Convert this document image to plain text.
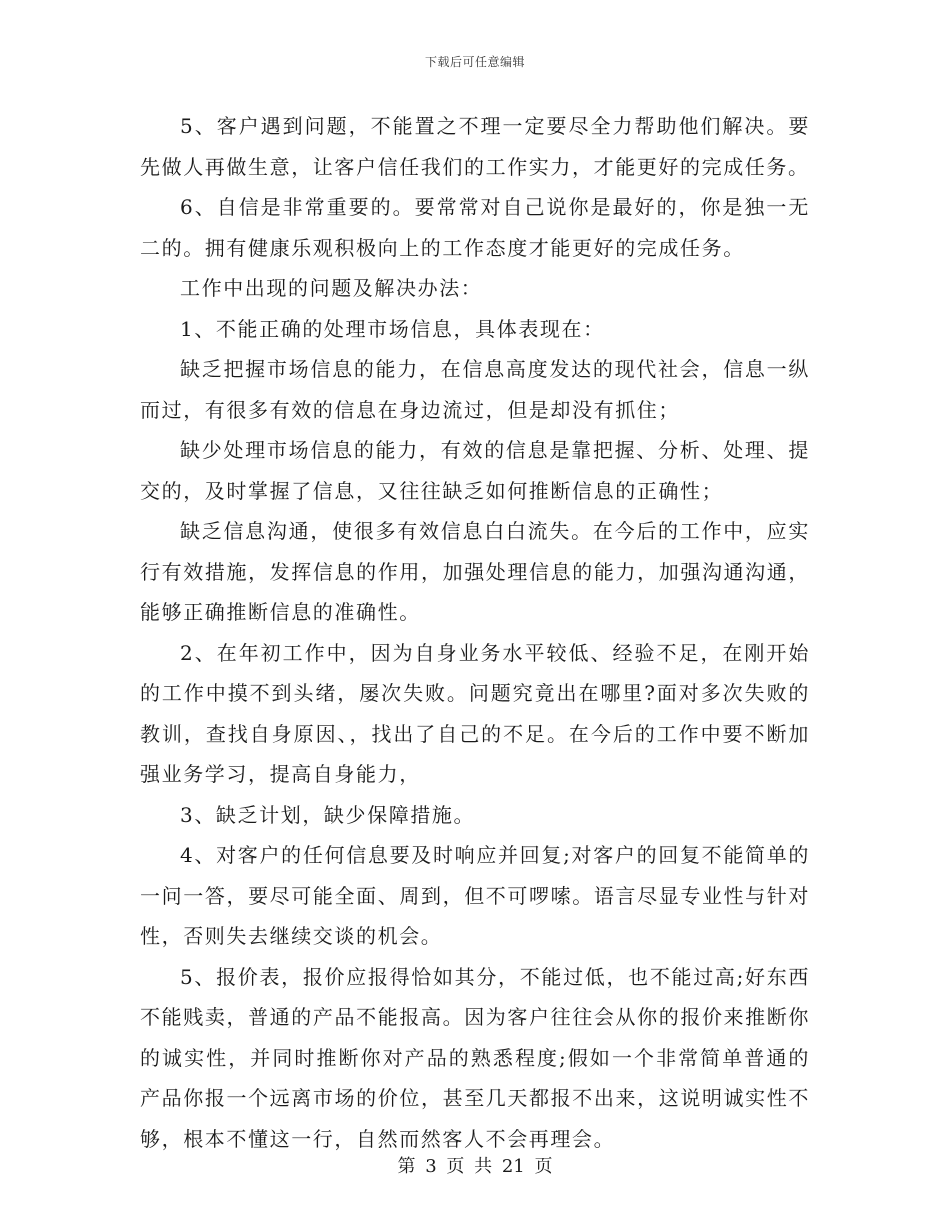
下载后可任意编辑

5、客户遇到问题，不能置之不理一定要尽全力帮助他们解决。要先做人再做生意，让客户信任我们的工作实力，才能更好的完成任务。

6、自信是非常重要的。要常常对自己说你是最好的，你是独一无二的。拥有健康乐观积极向上的工作态度才能更好的完成任务。

工作中出现的问题及解决办法：

1、不能正确的处理市场信息，具体表现在：

缺乏把握市场信息的能力，在信息高度发达的现代社会，信息一纵而过，有很多有效的信息在身边流过，但是却没有抓住；

缺少处理市场信息的能力，有效的信息是靠把握、分析、处理、提交的，及时掌握了信息，又往往缺乏如何推断信息的正确性；

缺乏信息沟通，使很多有效信息白白流失。在今后的工作中，应实行有效措施，发挥信息的作用，加强处理信息的能力，加强沟通沟通，能够正确推断信息的准确性。

2、在年初工作中，因为自身业务水平较低、经验不足，在刚开始的工作中摸不到头绪，屡次失败。问题究竟出在哪里?面对多次失败的教训，查找自身原因、，找出了自己的不足。在今后的工作中要不断加强业务学习，提高自身能力，

3、缺乏计划，缺少保障措施。

4、对客户的任何信息要及时响应并回复;对客户的回复不能简单的一问一答，要尽可能全面、周到，但不可啰嗦。语言尽显专业性与针对性，否则失去继续交谈的机会。

5、报价表，报价应报得恰如其分，不能过低，也不能过高;好东西不能贱卖，普通的产品不能报高。因为客户往往会从你的报价来推断你的诚实性，并同时推断你对产品的熟悉程度;假如一个非常简单普通的产品你报一个远离市场的价位，甚至几天都报不出来，这说明诚实性不够，根本不懂这一行，自然而然客人不会再理会。

第 3 页 共 21 页
